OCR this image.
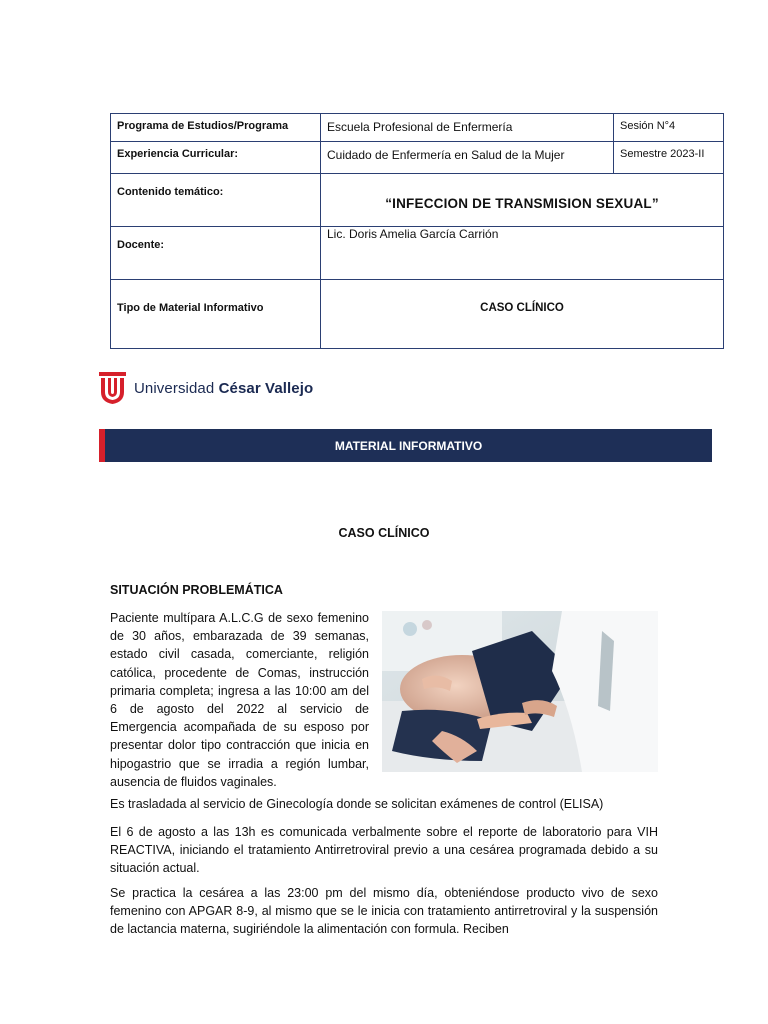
Programa de Estudios/Programa	Escuela Profesional de Enfermería	Sesión N°4

Experiencia Curricular:	Cuidado de Enfermería en Salud de la Mujer	Semestre 2023-II

Contenido temático:	“INFECCION DE TRANSMISION SEXUAL”	

Docente:	Lic. Doris Amelia García Carrión	

Tipo de Material Informativo	CASO CLÍNICO	
Universidad César Vallejo
MATERIAL INFORMATIVO
CASO CLÍNICO
SITUACIÓN PROBLEMÁTICA

Paciente multípara A.L.C.G de sexo femenino de 30 años, embarazada de 39 semanas, estado civil casada, comerciante, religión católica, procedente de Comas, instrucción primaria completa; ingresa a las 10:00 am del 6 de agosto del 2022 al servicio de Emergencia acompañada de su esposo por presentar dolor tipo contracción que inicia en hipogastrio que se irradia a región lumbar, ausencia de fluidos vaginales.

Es trasladada al servicio de Ginecología donde se solicitan exámenes de control (ELISA)

El 6 de agosto a las 13h es comunicada verbalmente sobre el reporte de laboratorio para VIH REACTIVA, iniciando el tratamiento Antirretroviral previo a una cesárea programada debido a su situación actual.

Se practica la cesárea a las 23:00 pm del mismo día, obteniéndose producto vivo de sexo femenino con APGAR 8-9, al mismo que se le inicia con tratamiento antirretroviral y la suspensión de lactancia materna, sugiriéndole la alimentación con formula. Reciben
